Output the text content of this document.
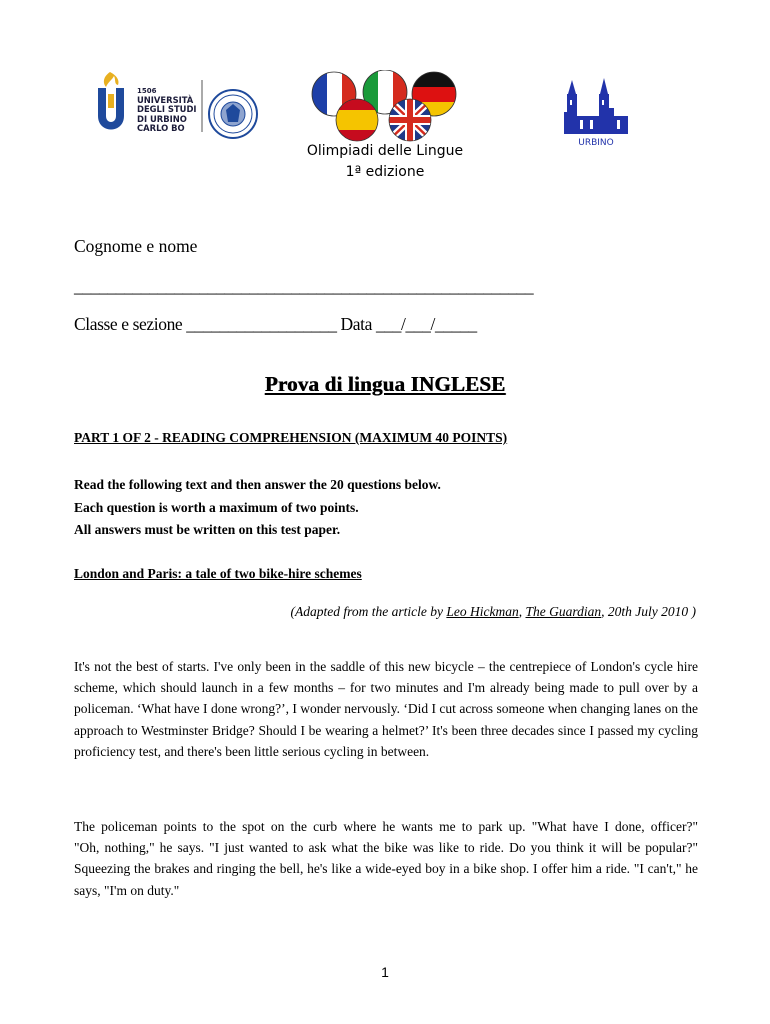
1506
UNIVERSITÀ
DEGLI STUDI
DI URBINO
CARLO BO
Olimpiadi delle Lingue
1ª edizione
URBINO
Cognome e nome
_______________________________________________________
Classe e sezione __________________ Data ___/___/_____
Prova di lingua INGLESE
PART 1 OF 2 - READING COMPREHENSION (MAXIMUM 40 POINTS)
Read the following text and then answer the 20 questions below.
Each question is worth a maximum of two points.
All answers must be written on this test paper.
London and Paris: a tale of two bike-hire schemes
(Adapted from the article by Leo Hickman, The Guardian, 20th July 2010 )
It's not the best of starts. I've only been in the saddle of this new bicycle – the centrepiece of London's cycle hire scheme, which should launch in a few months – for two minutes and I'm already being made to pull over by a policeman. ‘What have I done wrong?’, I wonder nervously. ‘Did I cut across someone when changing lanes on the approach to Westminster Bridge? Should I be wearing a helmet?’ It's been three decades since I passed my cycling proficiency test, and there's been little serious cycling in between.
The policeman points to the spot on the curb where he wants me to park up. "What have I done, officer?"          "Oh, nothing," he says. "I just wanted to ask what the bike was like to ride. Do you think it will be popular?" Squeezing the brakes and ringing the bell, he's like a wide-eyed boy in a bike shop. I offer him a ride. "I can't," he says, "I'm on duty."
1
